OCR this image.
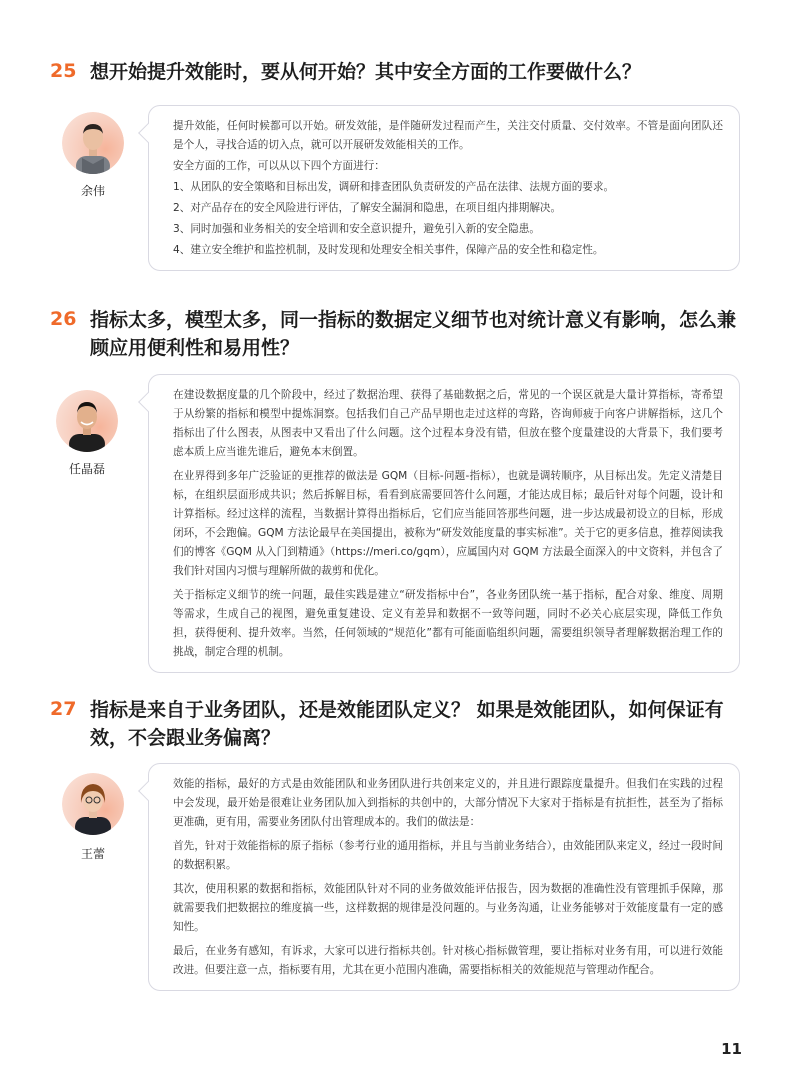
25 想开始提升效能时，要从何开始？其中安全方面的工作要做什么？
余伟

提升效能，任何时候都可以开始。研发效能，是伴随研发过程而产生，关注交付质量、交付效率。不管是面向团队还是个人，寻找合适的切入点，就可以开展研发效能相关的工作。

安全方面的工作，可以从以下四个方面进行：

1、从团队的安全策略和目标出发，调研和排查团队负责研发的产品在法律、法规方面的要求。

2、对产品存在的安全风险进行评估，了解安全漏洞和隐患，在项目组内排期解决。

3、同时加强和业务相关的安全培训和安全意识提升，避免引入新的安全隐患。

4、建立安全维护和监控机制，及时发现和处理安全相关事件，保障产品的安全性和稳定性。

26 指标太多，模型太多，同一指标的数据定义细节也对统计意义有影响，怎么兼顾应用便利性和易用性？
任晶磊

在建设数据度量的几个阶段中，经过了数据治理、获得了基础数据之后，常见的一个误区就是大量计算指标，寄希望于从纷繁的指标和模型中提炼洞察。包括我们自己产品早期也走过这样的弯路，咨询师疲于向客户讲解指标，这几个指标出了什么图表，从图表中又看出了什么问题。这个过程本身没有错，但放在整个度量建设的大背景下，我们要考虑本质上应当谁先谁后，避免本末倒置。

在业界得到多年广泛验证的更推荐的做法是 GQM（目标-问题-指标），也就是调转顺序，从目标出发。先定义清楚目标，在组织层面形成共识；然后拆解目标，看看到底需要回答什么问题，才能达成目标；最后针对每个问题，设计和计算指标。经过这样的流程，当数据计算得出指标后，它们应当能回答那些问题，进一步达成最初设立的目标，形成闭环，不会跑偏。GQM 方法论最早在美国提出，被称为“研发效能度量的事实标准”。关于它的更多信息，推荐阅读我们的博客《GQM 从入门到精通》（https://meri.co/gqm），应属国内对 GQM 方法最全面深入的中文资料，并包含了我们针对国内习惯与理解所做的裁剪和优化。

关于指标定义细节的统一问题，最佳实践是建立“研发指标中台”，各业务团队统一基于指标，配合对象、维度、周期等需求，生成自己的视图，避免重复建设、定义有差异和数据不一致等问题，同时不必关心底层实现，降低工作负担，获得便利、提升效率。当然，任何领域的“规范化”都有可能面临组织问题，需要组织领导者理解数据治理工作的挑战，制定合理的机制。

27 指标是来自于业务团队，还是效能团队定义？ 如果是效能团队，如何保证有效，不会跟业务偏离？
王蕾

效能的指标，最好的方式是由效能团队和业务团队进行共创来定义的，并且进行跟踪度量提升。但我们在实践的过程中会发现，最开始是很难让业务团队加入到指标的共创中的，大部分情况下大家对于指标是有抗拒性，甚至为了指标更准确，更有用，需要业务团队付出管理成本的。我们的做法是：

首先，针对于效能指标的原子指标（参考行业的通用指标，并且与当前业务结合），由效能团队来定义，经过一段时间的数据积累。

其次，使用积累的数据和指标，效能团队针对不同的业务做效能评估报告，因为数据的准确性没有管理抓手保障，那就需要我们把数据拉的维度搞一些，这样数据的规律是没问题的。与业务沟通，让业务能够对于效能度量有一定的感知性。

最后，在业务有感知，有诉求，大家可以进行指标共创。针对核心指标做管理，要让指标对业务有用，可以进行效能改进。但要注意一点，指标要有用，尤其在更小范围内准确，需要指标相关的效能规范与管理动作配合。

11
